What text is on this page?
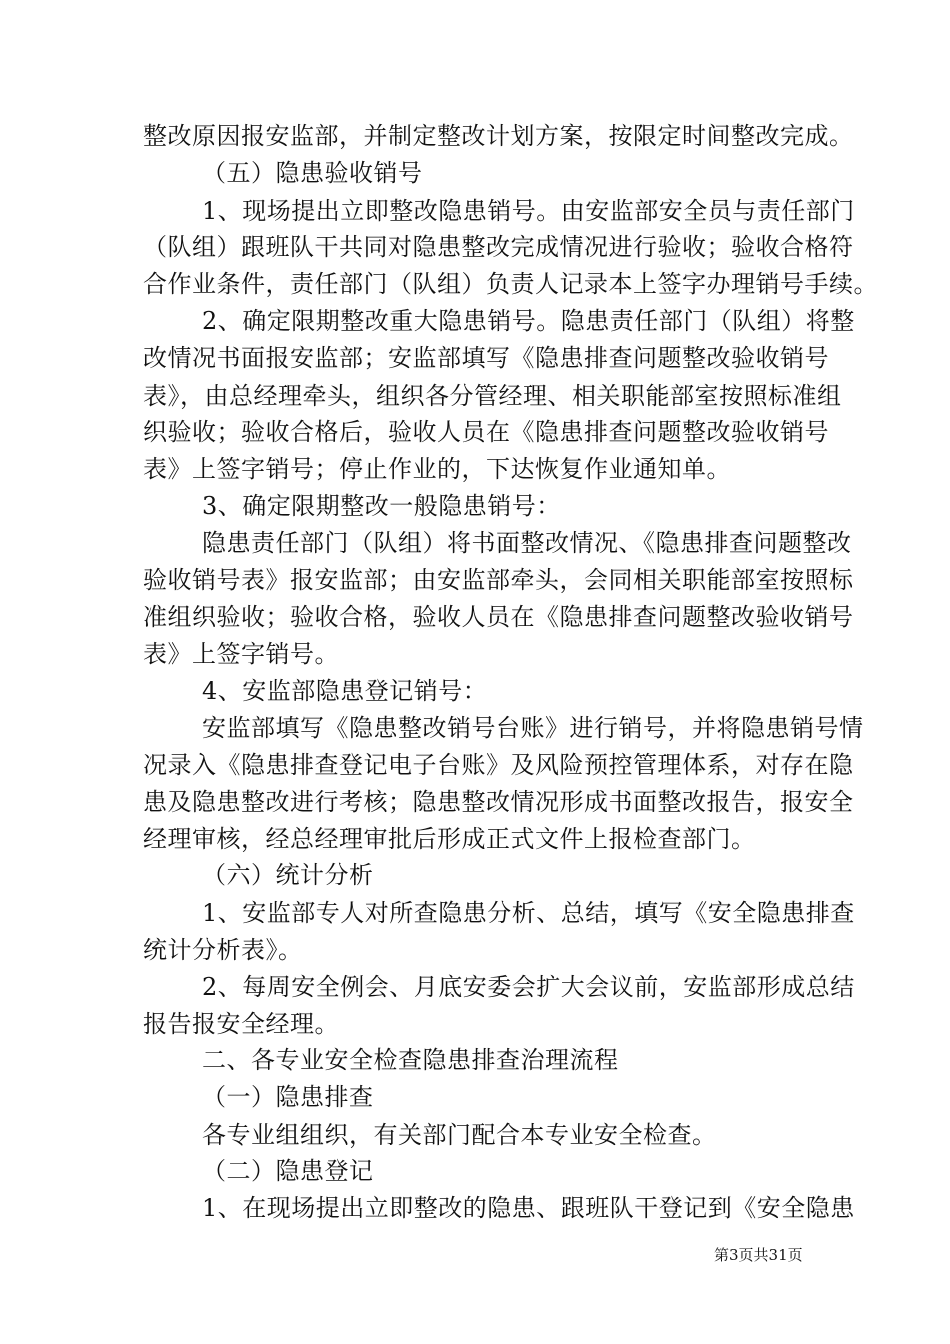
整改原因报安监部，并制定整改计划方案，按限定时间整改完成。
（五）隐患验收销号
1、现场提出立即整改隐患销号。由安监部安全员与责任部门
（队组）跟班队干共同对隐患整改完成情况进行验收；验收合格符
合作业条件，责任部门（队组）负责人记录本上签字办理销号手续。
2、确定限期整改重大隐患销号。隐患责任部门（队组）将整
改情况书面报安监部；安监部填写《隐患排查问题整改验收销号
表》，由总经理牵头，组织各分管经理、相关职能部室按照标准组
织验收；验收合格后，验收人员在《隐患排查问题整改验收销号
表》上签字销号；停止作业的，下达恢复作业通知单。
3、确定限期整改一般隐患销号：
隐患责任部门（队组）将书面整改情况、《隐患排查问题整改
验收销号表》报安监部；由安监部牵头，会同相关职能部室按照标
准组织验收；验收合格，验收人员在《隐患排查问题整改验收销号
表》上签字销号。
4、安监部隐患登记销号：
安监部填写《隐患整改销号台账》进行销号，并将隐患销号情
况录入《隐患排查登记电子台账》及风险预控管理体系，对存在隐
患及隐患整改进行考核；隐患整改情况形成书面整改报告，报安全
经理审核，经总经理审批后形成正式文件上报检查部门。
（六）统计分析
1、安监部专人对所查隐患分析、总结，填写《安全隐患排查
统计分析表》。
2、每周安全例会、月底安委会扩大会议前，安监部形成总结
报告报安全经理。
二、各专业安全检查隐患排查治理流程
（一）隐患排查
各专业组组织，有关部门配合本专业安全检查。
（二）隐患登记
1、在现场提出立即整改的隐患、跟班队干登记到《安全隐患
第3页共31页
